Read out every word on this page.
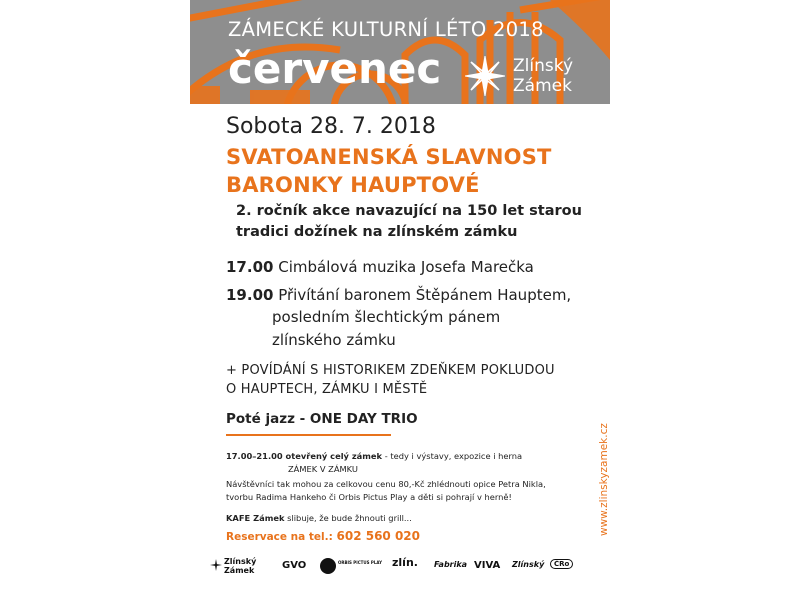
ZÁMECKÉ KULTURNÍ LÉTO 2018
červenec	Zlínský
Zámek
Sobota 28. 7. 2018
SVATOANENSKÁ SLAVNOST
BARONKY HAUPTOVÉ
2. ročník akce navazující na 150 let starou
tradici dožínek na zlínském zámku
17.00 Cimbálová muzika Josefa Marečka
19.00 Přivítání baronem Štěpánem Hauptem,
posledním šlechtickým pánem
zlínského zámku
+ POVÍDÁNÍ S HISTORIKEM ZDEŇKEM POKLUDOU
O HAUPTECH, ZÁMKU I MĚSTĚ
Poté jazz - ONE DAY TRIO
17.00–21.00 otevřený celý zámek - tedy i výstavy, expozice i herna
ZÁMEK V ZÁMKU
Návštěvníci tak mohou za celkovou cenu 80,-Kč zhlédnouti opice Petra Nikla,
tvorbu Radima Hankeho či Orbis Pictus Play a děti si pohrají v herně!
KAFE Zámek slibuje, že bude žhnouti grill...
Reservace na tel.: 602 560 020	www.zlinskyzamek.cz
Zlínský
Zámek	GVO	ORBIS PICTUS PLAY zlín. Fabrika VIVA Zlínský	ČRo
